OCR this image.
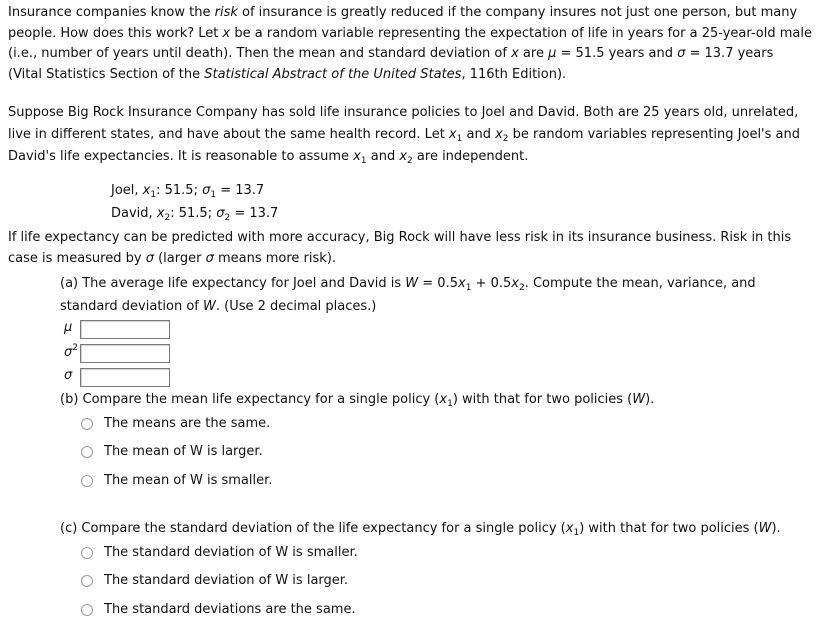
Insurance companies know the risk of insurance is greatly reduced if the company insures not just one person, but many

people. How does this work? Let x be a random variable representing the expectation of life in years for a 25-year-old male

(i.e., number of years until death). Then the mean and standard deviation of x are μ = 51.5 years and σ = 13.7 years

(Vital Statistics Section of the Statistical Abstract of the United States, 116th Edition).

Suppose Big Rock Insurance Company has sold life insurance policies to Joel and David. Both are 25 years old, unrelated,

live in different states, and have about the same health record. Let $x_1$ and $x_2$ be random variables representing Joel's and

David's life expectancies. It is reasonable to assume $x_1$ and $x_2$ are independent.

Joel, $x_1$: 51.5; $\sigma_1 = 13.7$
David, $x_2$: 51.5; $\sigma_2 = 13.7$

If life expectancy can be predicted with more accuracy, Big Rock will have less risk in its insurance business. Risk in this

case is measured by σ (larger σ means more risk).

(a) The average life expectancy for Joel and David is $W = 0.5x_1 + 0.5x_2$. Compute the mean, variance, and
standard deviation of W. (Use 2 decimal places.)
μ
$\sigma^2$
σ
(b) Compare the mean life expectancy for a single policy $(x_1)$ with that for two policies (W).
The means are the same.
The mean of W is larger.
The mean of W is smaller.
(c) Compare the standard deviation of the life expectancy for a single policy $(x_1)$ with that for two policies (W).
The standard deviation of W is smaller.
The standard deviation of W is larger.
The standard deviations are the same.
